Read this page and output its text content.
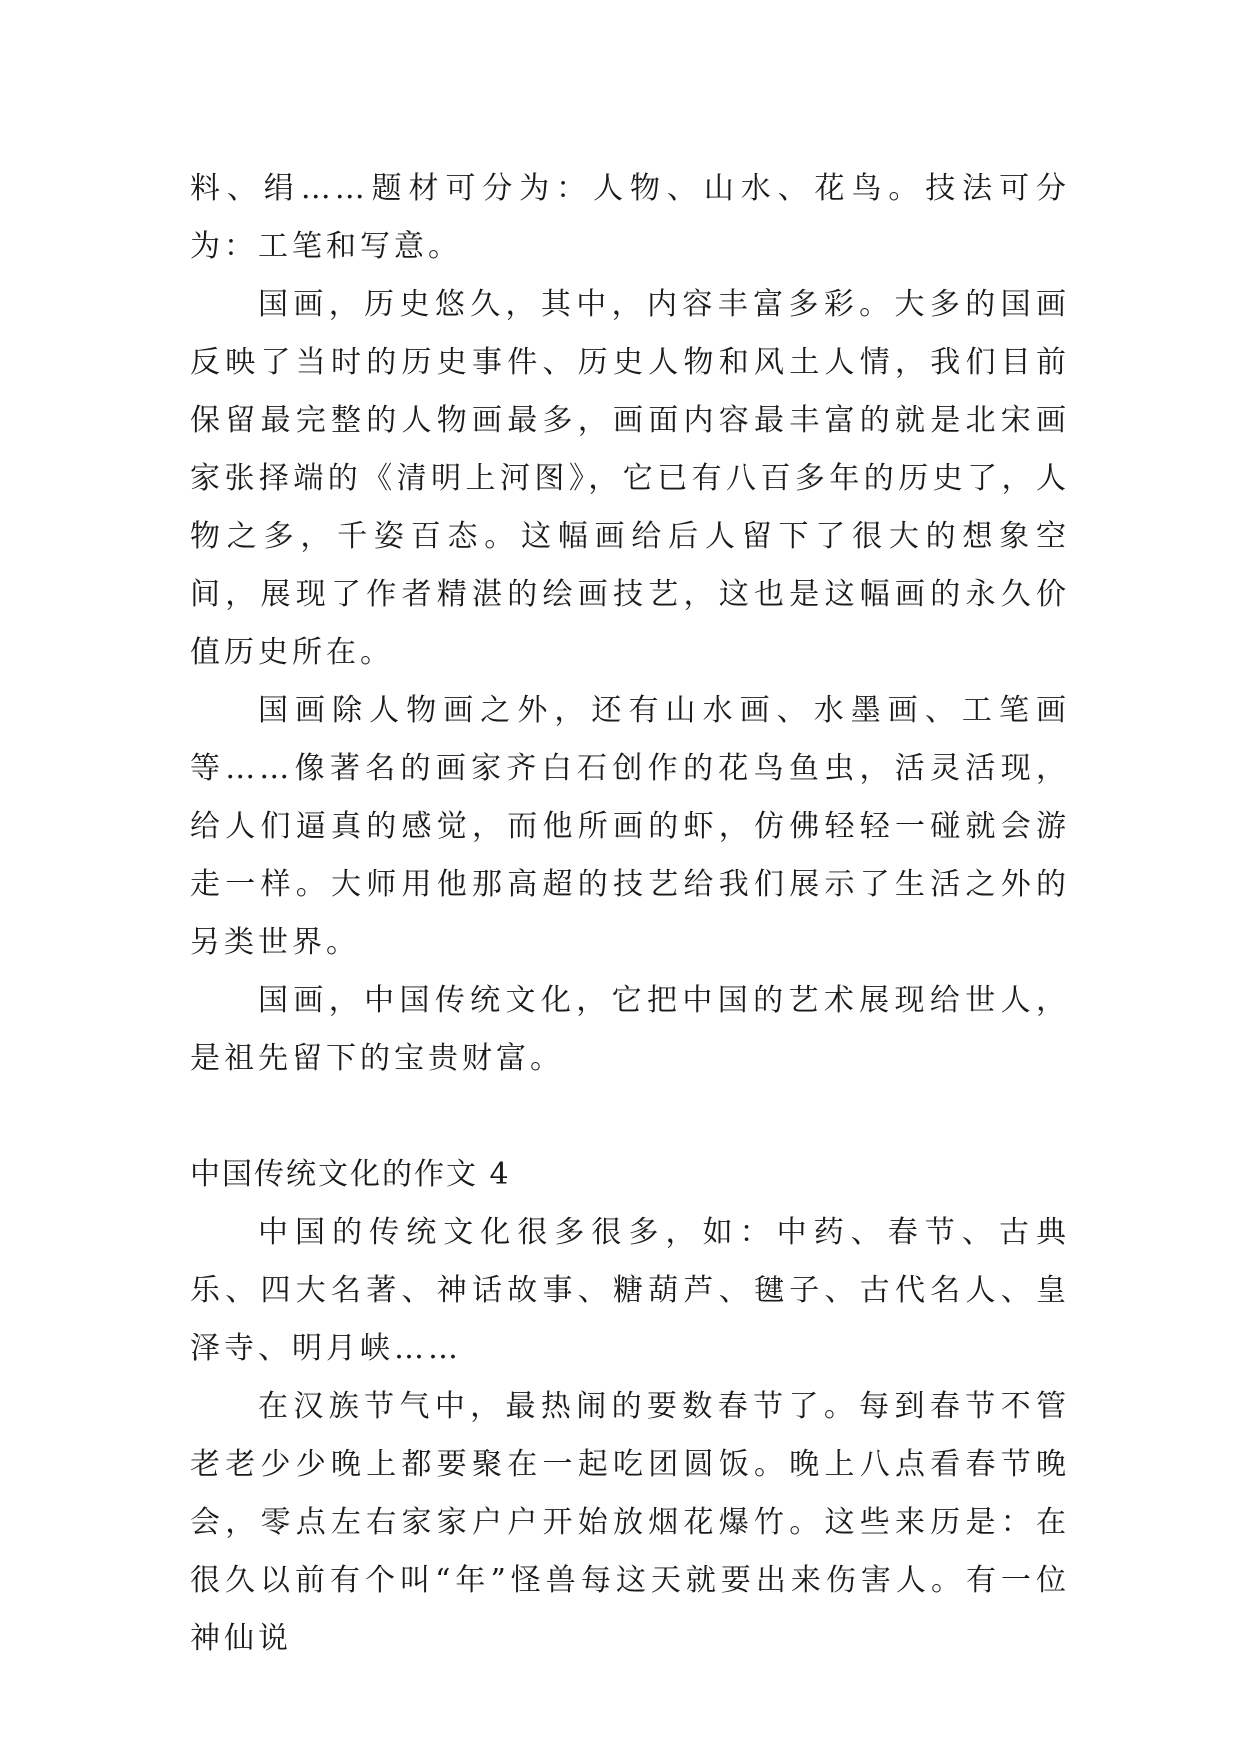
料、绢……题材可分为：人物、山水、花鸟。技法可分为：工笔和写意。

国画，历史悠久，其中，内容丰富多彩。大多的国画反映了当时的历史事件、历史人物和风土人情，我们目前保留最完整的人物画最多，画面内容最丰富的就是北宋画家张择端的《清明上河图》，它已有八百多年的历史了，人物之多，千姿百态。这幅画给后人留下了很大的想象空间，展现了作者精湛的绘画技艺，这也是这幅画的永久价值历史所在。

国画除人物画之外，还有山水画、水墨画、工笔画等……像著名的画家齐白石创作的花鸟鱼虫，活灵活现，给人们逼真的感觉，而他所画的虾，仿佛轻轻一碰就会游走一样。大师用他那高超的技艺给我们展示了生活之外的另类世界。

国画，中国传统文化，它把中国的艺术展现给世人，是祖先留下的宝贵财富。

中国传统文化的作文 4

中国的传统文化很多很多，如：中药、春节、古典乐、四大名著、神话故事、糖葫芦、毽子、古代名人、皇泽寺、明月峡……

在汉族节气中，最热闹的要数春节了。每到春节不管老老少少晚上都要聚在一起吃团圆饭。晚上八点看春节晚会，零点左右家家户户开始放烟花爆竹。这些来历是：在很久以前有个叫“年”怪兽每这天就要出来伤害人。有一位神仙说
